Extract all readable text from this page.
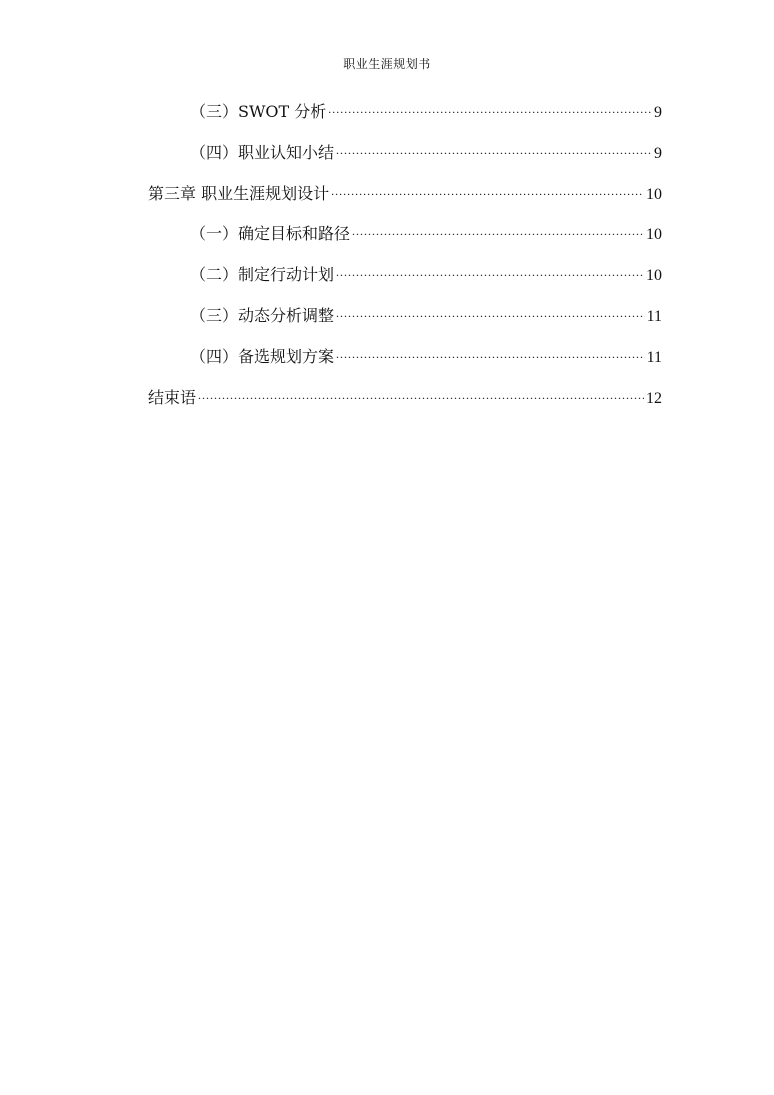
职业生涯规划书
（三）SWOT 分析 .....	9
（四）职业认知小结 .....	9
第三章 职业生涯规划设计 .....	10
（一）确定目标和路径 .....	10
（二）制定行动计划 .....	10
（三）动态分析调整 .....	11
（四）备选规划方案 .....	11
结束语 .....	12
